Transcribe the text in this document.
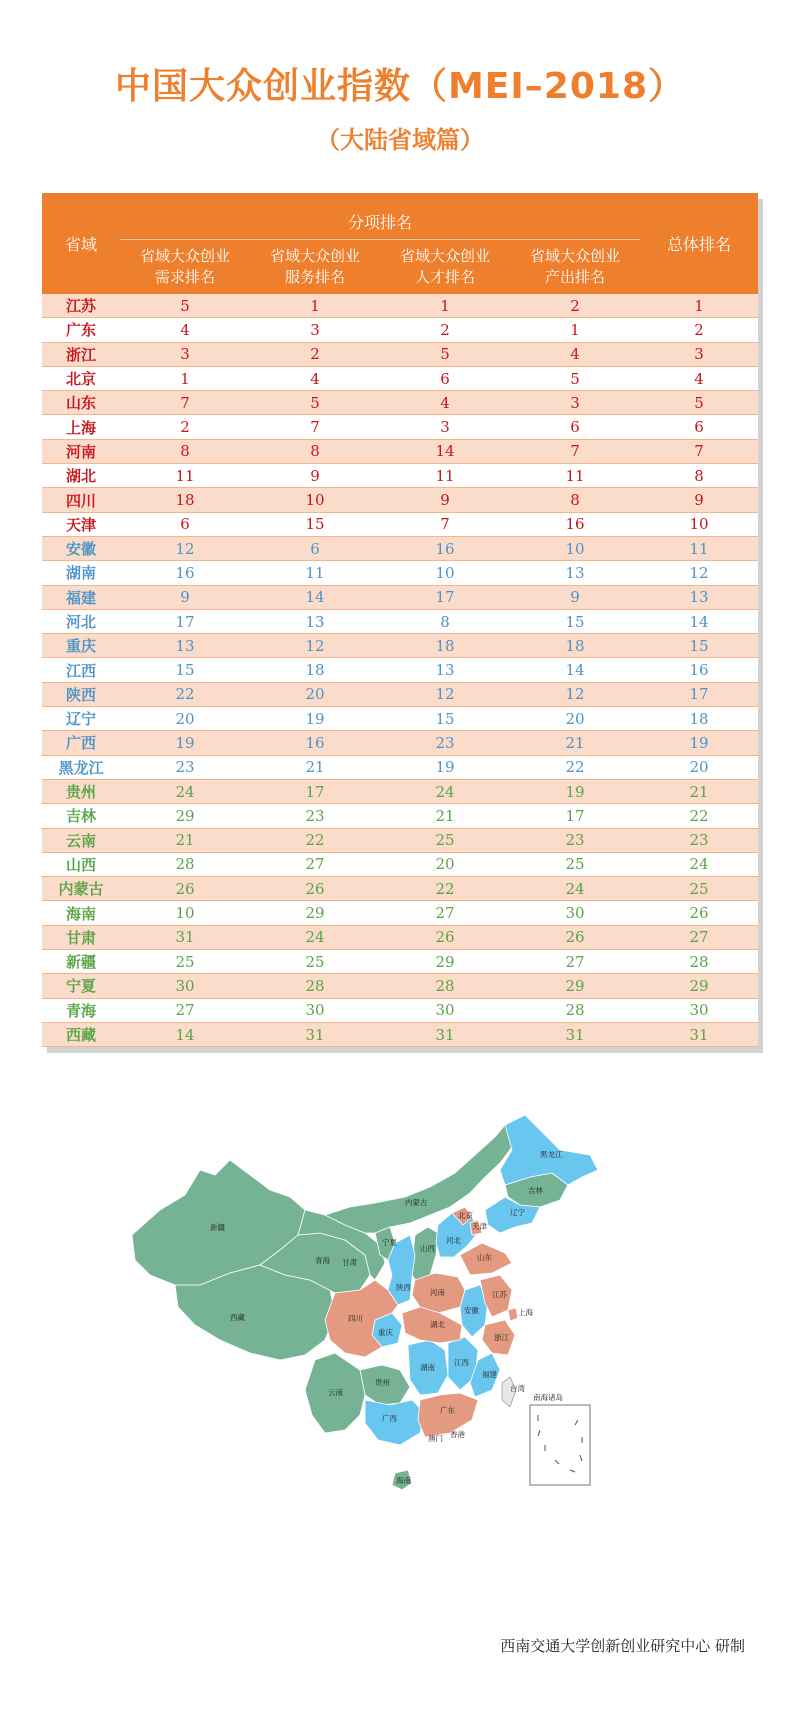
中国大众创业指数（MEI–2018）
（大陆省域篇）
省域	分项排名				总体排名

	省域大众创业
需求排名	省域大众创业
服务排名	省域大众创业
人才排名	省域大众创业
产出排名	

江苏	5	1	1	2	1
广东	4	3	2	1	2
浙江	3	2	5	4	3
北京	1	4	6	5	4
山东	7	5	4	3	5
上海	2	7	3	6	6
河南	8	8	14	7	7
湖北	11	9	11	11	8
四川	18	10	9	8	9
天津	6	15	7	16	10
安徽	12	6	16	10	11
湖南	16	11	10	13	12
福建	9	14	17	9	13
河北	17	13	8	15	14
重庆	13	12	18	18	15
江西	15	18	13	14	16
陕西	22	20	12	12	17
辽宁	20	19	15	20	18
广西	19	16	23	21	19
黑龙江	23	21	19	22	20
贵州	24	17	24	19	21
吉林	29	23	21	17	22
云南	21	22	25	23	23
山西	28	27	20	25	24
内蒙古	26	26	22	24	25
海南	10	29	27	30	26
甘肃	31	24	26	26	27
新疆	25	25	29	27	28
宁夏	30	28	28	29	29
青海	27	30	30	28	30
西藏	14	31	31	31	31
新疆
西藏
青海 甘肃
内蒙古
黑龙江
吉林
辽宁
北京
天津
河北
山西
宁夏
陕西
山东
河南	江苏
安徽	上海
湖北
浙江
四川
重庆
湖南
江西
贵州
福建
云南
广西
广东
台湾
澳门 香港
海南
南海诸岛
西南交通大学创新创业研究中心 研制
